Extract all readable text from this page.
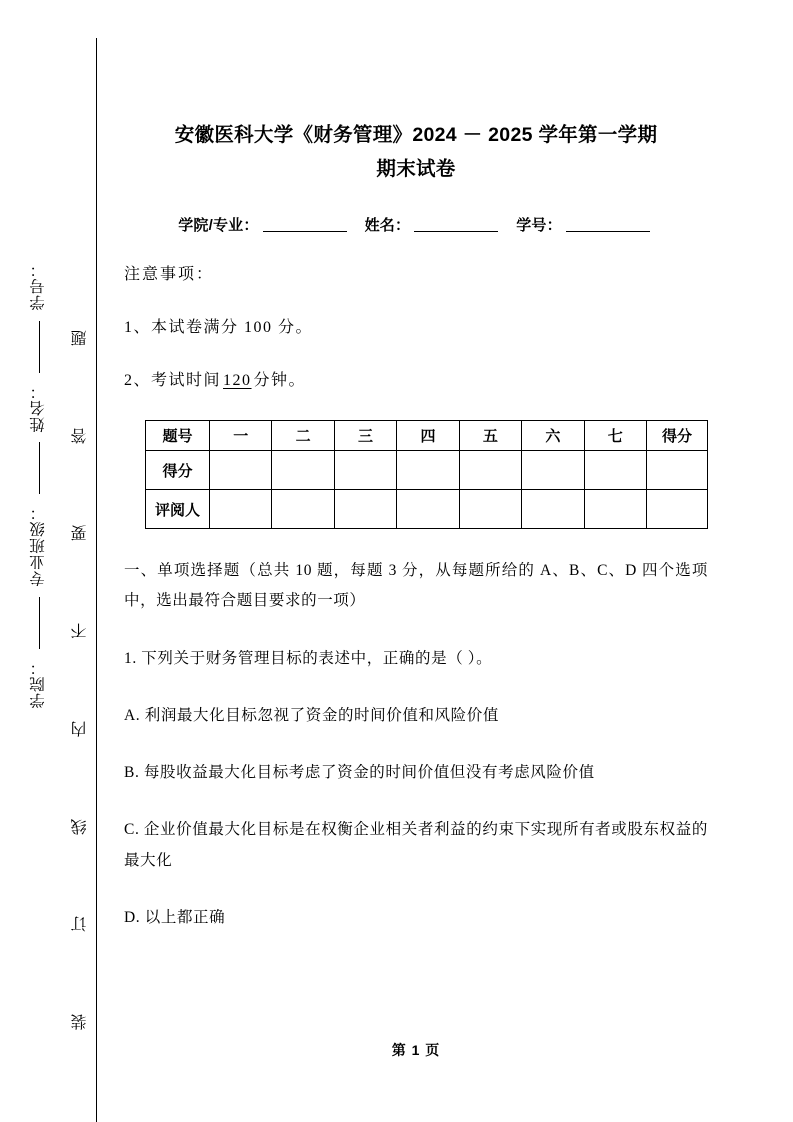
学号：
姓名：
专业班级：
学院：
题
答
要
不
内
线
订
装
安徽医科大学《财务管理》2024 － 2025 学年第一学期
期末试卷
学院/专业：	姓名：	学号：

注意事项：

1、本试卷满分 100 分。

2、考试时间 120 分钟。

题号	一	二	三	四	五	六	七	得分
得分								
评阅人								

一、单项选择题（总共 10 题，每题 3 分，从每题所给的 A、B、C、D 四个选项中，选出最符合题目要求的一项）

1. 下列关于财务管理目标的表述中，正确的是（ ）。

A. 利润最大化目标忽视了资金的时间价值和风险价值

B. 每股收益最大化目标考虑了资金的时间价值但没有考虑风险价值

C. 企业价值最大化目标是在权衡企业相关者利益的约束下实现所有者或股东权益的最大化

D. 以上都正确

第 1 页
